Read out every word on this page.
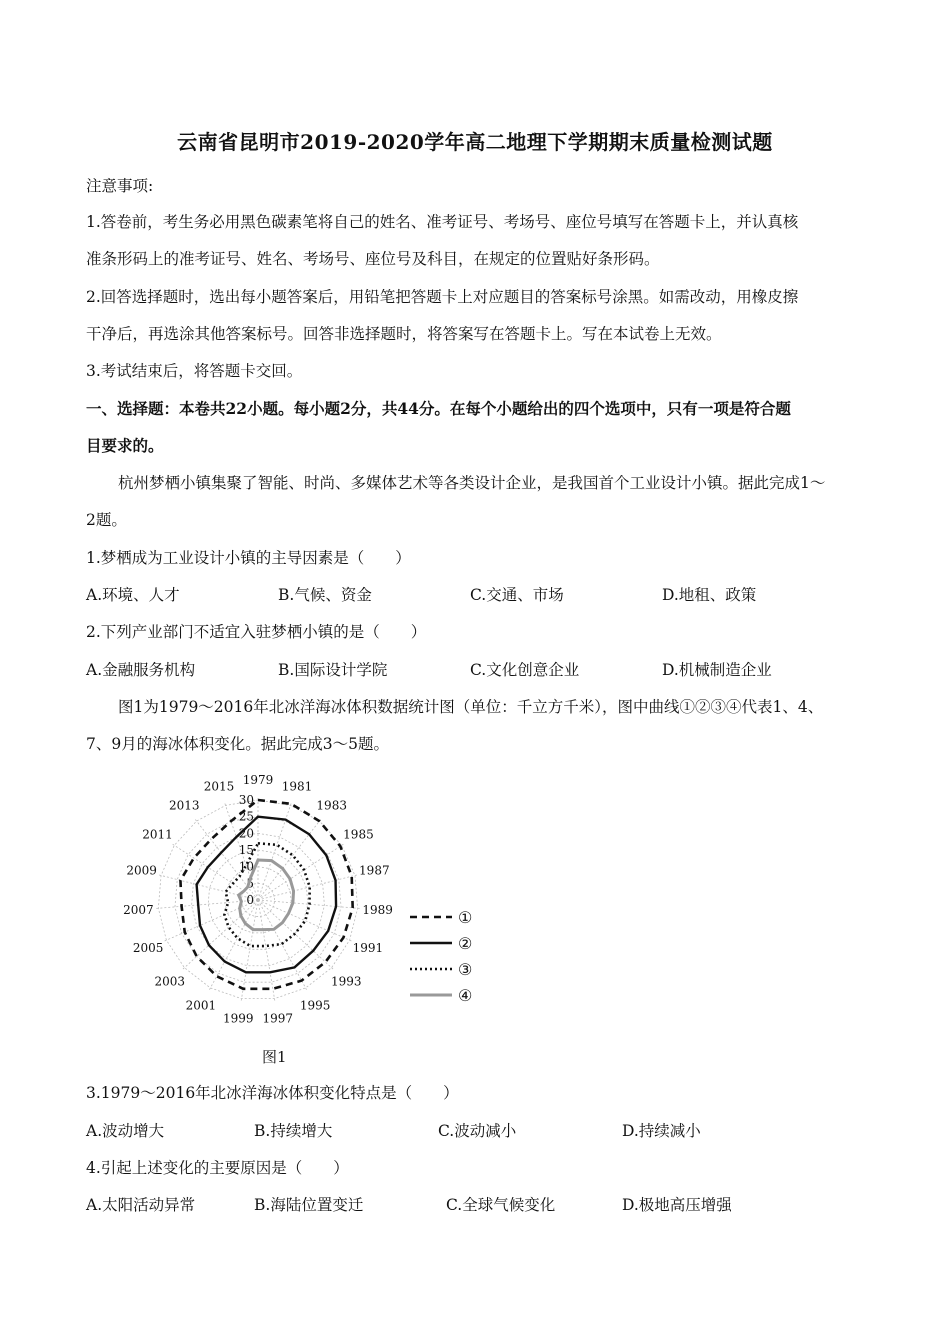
云南省昆明市2019-2020学年高二地理下学期期末质量检测试题
注意事项:
1.答卷前，考生务必用黑色碳素笔将自己的姓名、准考证号、考场号、座位号填写在答题卡上，并认真核
准条形码上的准考证号、姓名、考场号、座位号及科目，在规定的位置贴好条形码。
2.回答选择题时，选出每小题答案后，用铅笔把答题卡上对应题目的答案标号涂黑。如需改动，用橡皮擦
干净后，再选涂其他答案标号。回答非选择题时，将答案写在答题卡上。写在本试卷上无效。
3.考试结束后，将答题卡交回。
一、选择题：本卷共22小题。每小题2分，共44分。在每个小题给出的四个选项中，只有一项是符合题
目要求的。
杭州梦栖小镇集聚了智能、时尚、多媒体艺术等各类设计企业，是我国首个工业设计小镇。据此完成1～
2题。
1.梦栖成为工业设计小镇的主导因素是（　　）
A.环境、人才	B.气候、资金	C.交通、市场	D.地租、政策
2.下列产业部门不适宜入驻梦栖小镇的是（　　）
A.金融服务机构	B.国际设计学院	C.文化创意企业	D.机械制造企业
图1为1979～2016年北冰洋海冰体积数据统计图（单位：千立方千米），图中曲线①②③④代表1、4、
7、9月的海冰体积变化。据此完成3～5题。
1979 1981
1983
1985
1987
1989
1991
1993
1995
1997
1999
2001
2003
2005
2007
2009
2011
2013
2015
0
5
10
15
20
25
30
①
②
③
④
图1
3.1979～2016年北冰洋海冰体积变化特点是（　　）
A.波动增大	B.持续增大	C.波动减小	D.持续减小
4.引起上述变化的主要原因是（　　）
A.太阳活动异常	B.海陆位置变迁	C.全球气候变化	D.极地高压增强
